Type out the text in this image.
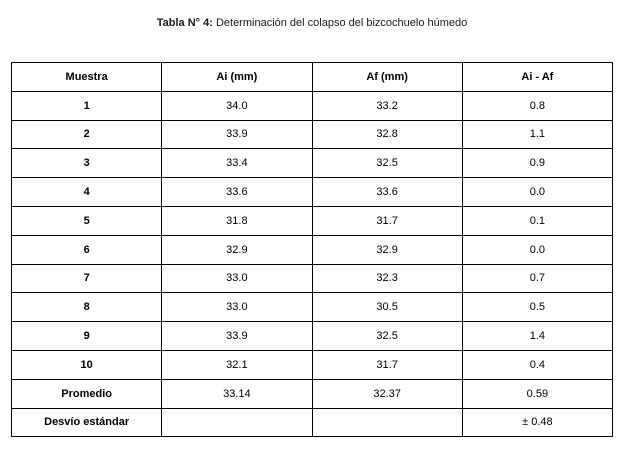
Tabla N° 4: Determinación del colapso del bizcochuelo húmedo
Muestra	Ai (mm)	Af (mm)	Ai - Af
1	34.0	33.2	0.8
2	33.9	32.8	1.1
3	33.4	32.5	0.9
4	33.6	33.6	0.0
5	31.8	31.7	0.1
6	32.9	32.9	0.0
7	33.0	32.3	0.7
8	33.0	30.5	0.5
9	33.9	32.5	1.4
10	32.1	31.7	0.4
Promedio	33.14	32.37	0.59
Desvío estándar			± 0.48
